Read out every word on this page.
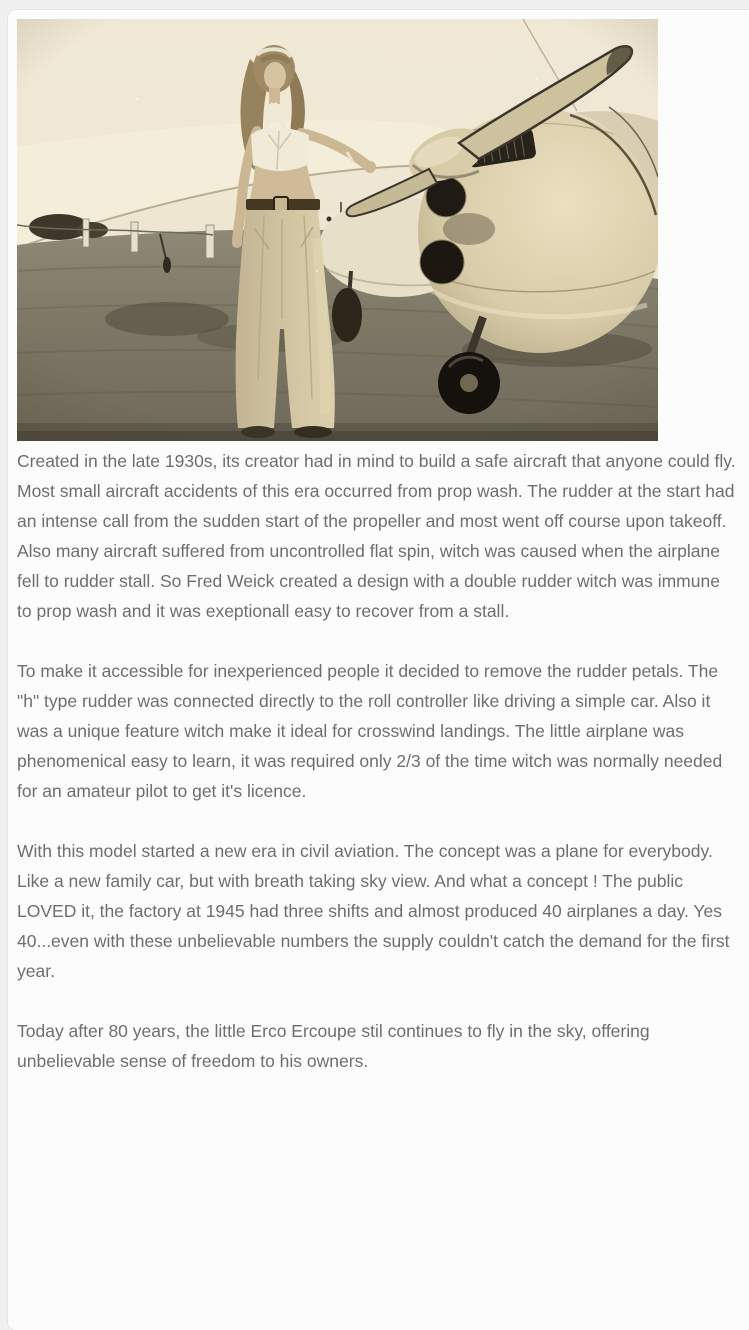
Created in the late 1930s, its creator had in mind to build a safe aircraft that anyone could fly. Most small aircraft accidents of this era occurred from prop wash. The rudder at the start had an intense call from the sudden start of the propeller and most went off course upon takeoff. Also many aircraft suffered from uncontrolled flat spin, witch was caused when the airplane fell to rudder stall. So Fred Weick created a design with a double rudder witch was immune to prop wash and it was exeptionall easy to recover from a stall.

To make it accessible for inexperienced people it decided to remove the rudder petals. The "h" type rudder was connected directly to the roll controller like driving a simple car. Also it was a unique feature witch make it ideal for crosswind landings. The little airplane was phenomenical easy to learn, it was required only 2/3 of the time witch was normally needed for an amateur pilot to get it's licence.

With this model started a new era in civil aviation. The concept was a plane for everybody. Like a new family car, but with breath taking sky view. And what a concept ! The public LOVED it, the factory at 1945 had three shifts and almost produced 40 airplanes a day. Yes 40...even with these unbelievable numbers the supply couldn't catch the demand for the first year.

Today after 80 years, the little Erco Ercoupe stil continues to fly in the sky, offering unbelievable sense of freedom to his owners.
